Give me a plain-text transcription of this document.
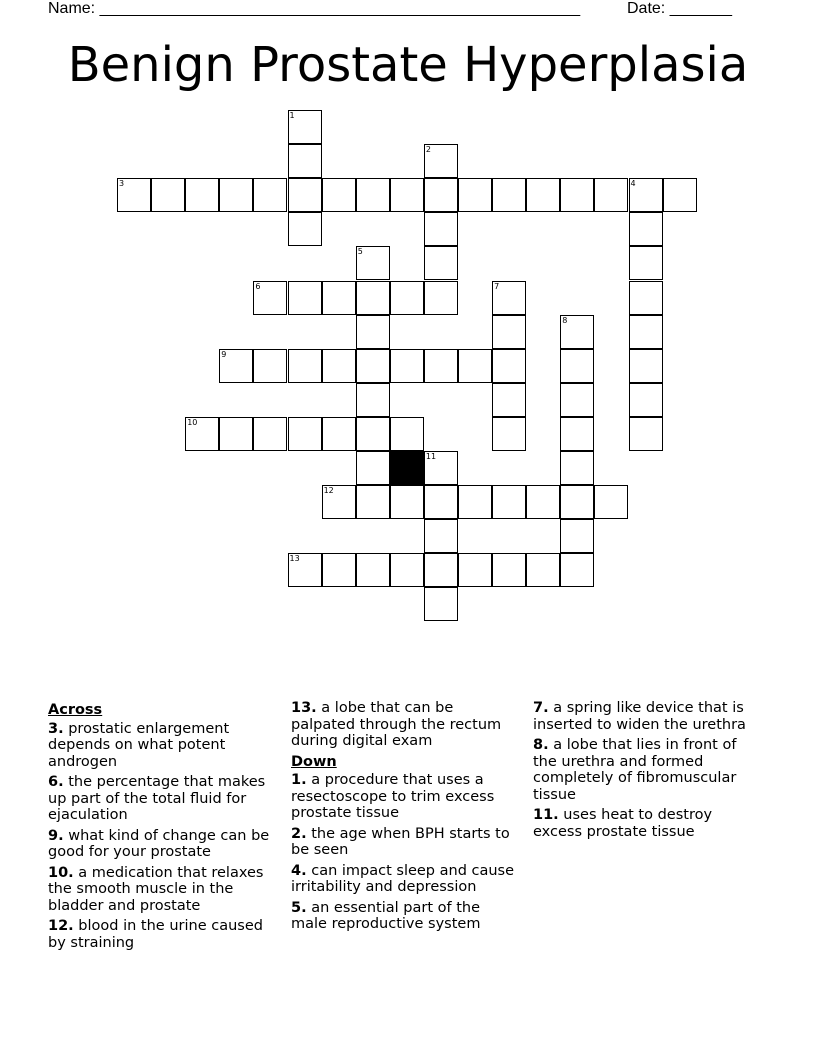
Name: ______________________________________________________	Date: _______
Benign Prostate Hyperplasia
1
2
3	4
5
6	7
8
9
10
11
12
13
Across
3. prostatic enlargement depends on what potent androgen
6. the percentage that makes up part of the total fluid for ejaculation
9. what kind of change can be good for your prostate
10. a medication that relaxes the smooth muscle in the bladder and prostate
12. blood in the urine caused by straining
13. a lobe that can be palpated through the rectum during digital exam
Down
1. a procedure that uses a resectoscope to trim excess prostate tissue
2. the age when BPH starts to be seen
4. can impact sleep and cause irritability and depression
5. an essential part of the male reproductive system
7. a spring like device that is inserted to widen the urethra
8. a lobe that lies in front of the urethra and formed completely of fibromuscular tissue
11. uses heat to destroy excess prostate tissue
